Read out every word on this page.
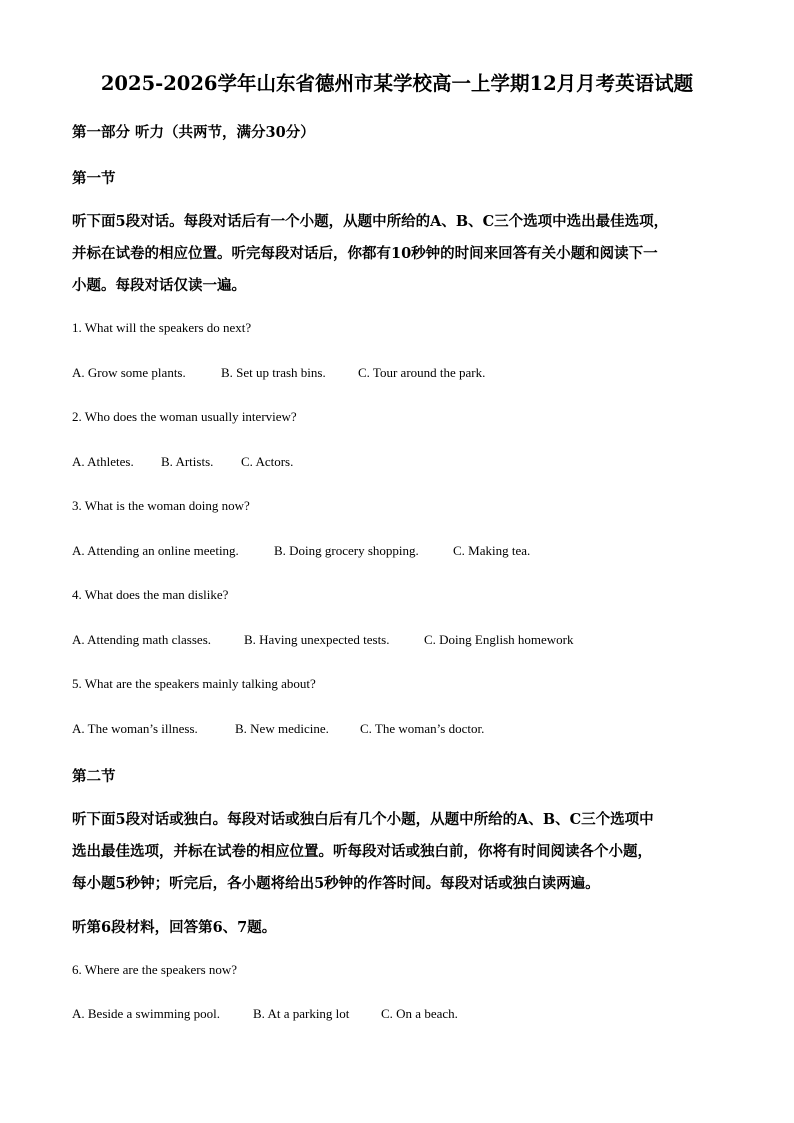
2025-2026学年山东省德州市某学校高一上学期12月月考英语试题
第一部分 听力（共两节，满分30分）
第一节
听下面5段对话。每段对话后有一个小题，从题中所给的A、B、C三个选项中选出最佳选项，
并标在试卷的相应位置。听完每段对话后，你都有10秒钟的时间来回答有关小题和阅读下一
小题。每段对话仅读一遍。
1. What will the speakers do next?
A. Grow some plants.	B. Set up trash bins. C. Tour around the park.
2. Who does the woman usually interview?
A. Athletes. B. Artists. C. Actors.
3. What is the woman doing now?
A. Attending an online meeting.	B. Doing grocery shopping.	C. Making tea.
4. What does the man dislike?
A. Attending math classes.	B. Having unexpected tests.	C. Doing English homework
5. What are the speakers mainly talking about?
A. The woman’s illness.	B. New medicine. C. The woman’s doctor.
第二节
听下面5段对话或独白。每段对话或独白后有几个小题，从题中所给的A、B、C三个选项中
选出最佳选项，并标在试卷的相应位置。听每段对话或独白前，你将有时间阅读各个小题，
每小题5秒钟；听完后，各小题将给出5秒钟的作答时间。每段对话或独白读两遍。
听第6段材料，回答第6、7题。
6. Where are the speakers now?
A. Beside a swimming pool.	B. At a parking lot C. On a beach.
